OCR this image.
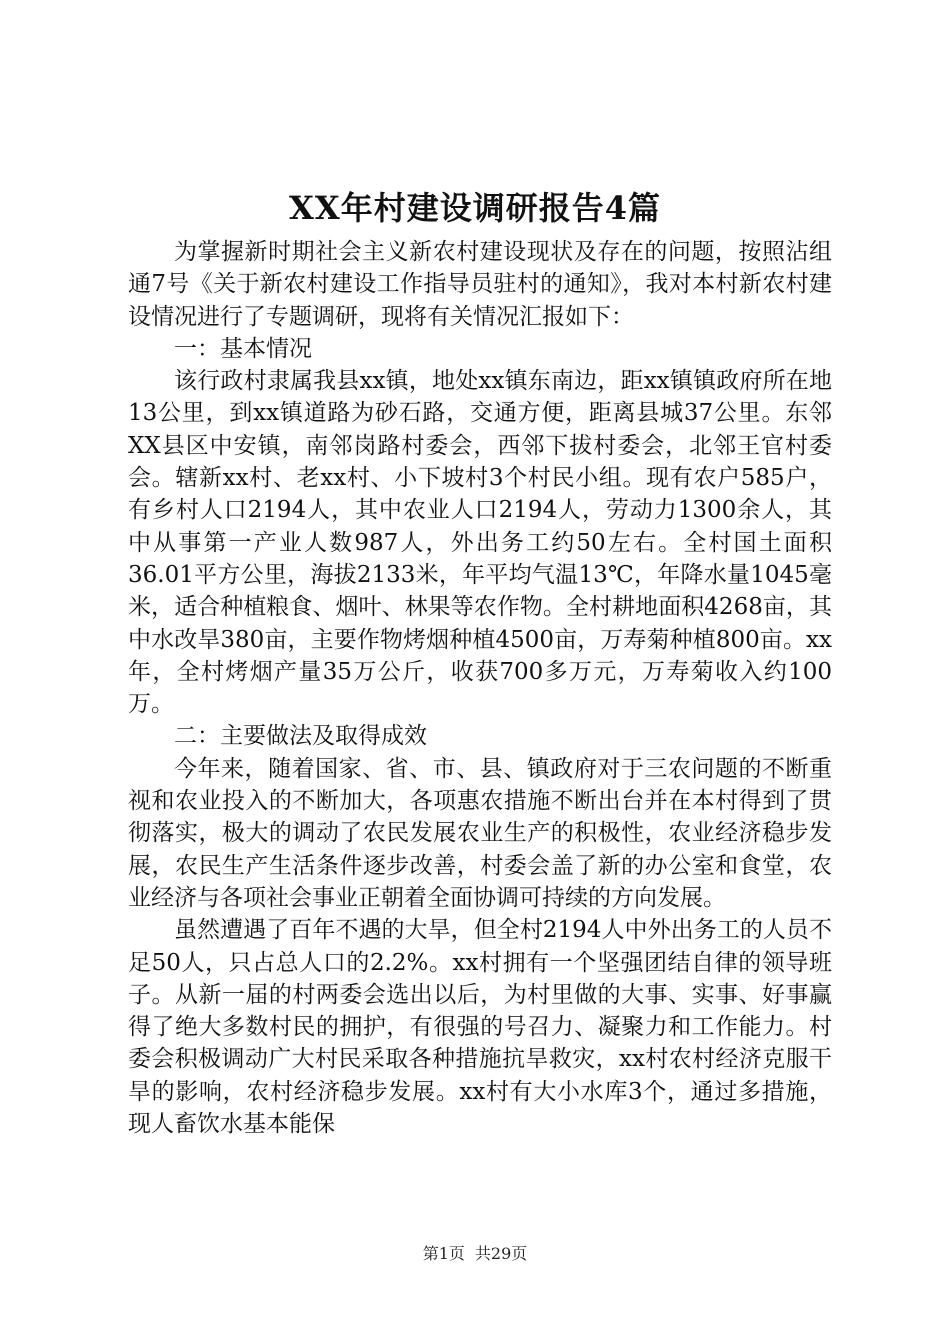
XX年村建设调研报告4篇

为掌握新时期社会主义新农村建设现状及存在的问题，按照沾组通7号《关于新农村建设工作指导员驻村的通知》，我对本村新农村建设情况进行了专题调研，现将有关情况汇报如下：

一：基本情况

该行政村隶属我县xx镇，地处xx镇东南边，距xx镇镇政府所在地13公里，到xx镇道路为砂石路，交通方便，距离县城37公里。东邻XX县区中安镇，南邻岗路村委会，西邻下拔村委会，北邻王官村委会。辖新xx村、老xx村、小下坡村3个村民小组。现有农户585户，有乡村人口2194人，其中农业人口2194人，劳动力1300余人，其中从事第一产业人数987人，外出务工约50左右。全村国土面积36.01平方公里，海拔2133米，年平均气温13℃，年降水量1045毫米，适合种植粮食、烟叶、林果等农作物。全村耕地面积4268亩，其中水改旱380亩，主要作物烤烟种植4500亩，万寿菊种植800亩。xx年，全村烤烟产量35万公斤，收获700多万元，万寿菊收入约100万。

二：主要做法及取得成效

今年来，随着国家、省、市、县、镇政府对于三农问题的不断重视和农业投入的不断加大，各项惠农措施不断出台并在本村得到了贯彻落实，极大的调动了农民发展农业生产的积极性，农业经济稳步发展，农民生产生活条件逐步改善，村委会盖了新的办公室和食堂，农业经济与各项社会事业正朝着全面协调可持续的方向发展。

虽然遭遇了百年不遇的大旱，但全村2194人中外出务工的人员不足50人，只占总人口的2.2%。xx村拥有一个坚强团结自律的领导班子。从新一届的村两委会选出以后，为村里做的大事、实事、好事赢得了绝大多数村民的拥护，有很强的号召力、凝聚力和工作能力。村委会积极调动广大村民采取各种措施抗旱救灾，xx村农村经济克服干旱的影响，农村经济稳步发展。xx村有大小水库3个，通过多措施，现人畜饮水基本能保

第1页 共29页
